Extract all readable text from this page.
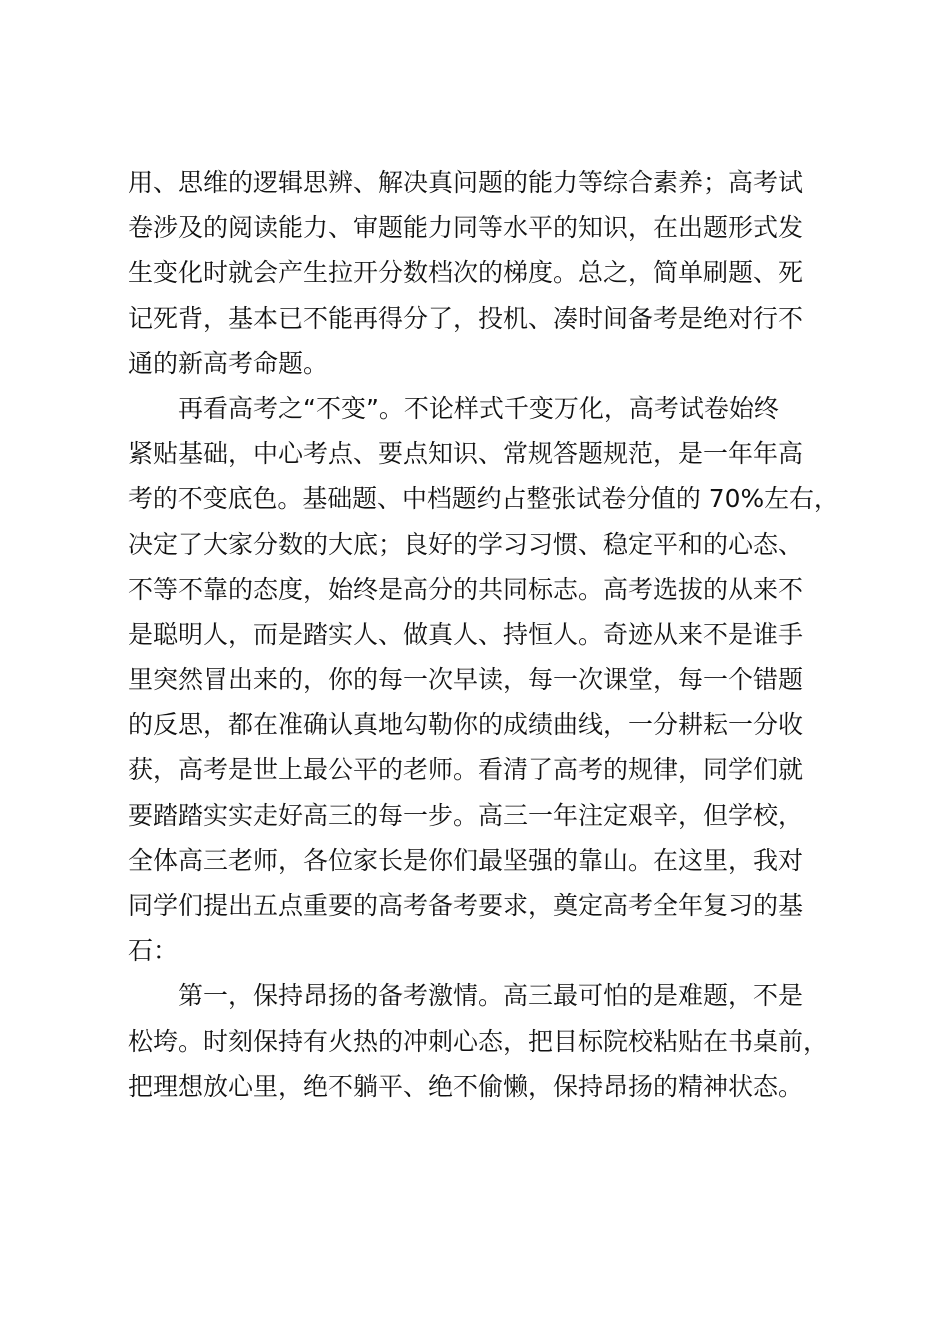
用、思维的逻辑思辨、解决真问题的能力等综合素养；高考试
卷涉及的阅读能力、审题能力同等水平的知识，在出题形式发
生变化时就会产生拉开分数档次的梯度。总之，简单刷题、死
记死背，基本已不能再得分了，投机、凑时间备考是绝对行不
通的新高考命题。
再看高考之“不变”。不论样式千变万化，高考试卷始终
紧贴基础，中心考点、要点知识、常规答题规范，是一年年高
考的不变底色。基础题、中档题约占整张试卷分值的 70%左右，
决定了大家分数的大底；良好的学习习惯、稳定平和的心态、
不等不靠的态度，始终是高分的共同标志。高考选拔的从来不
是聪明人，而是踏实人、做真人、持恒人。奇迹从来不是谁手
里突然冒出来的，你的每一次早读，每一次课堂，每一个错题
的反思，都在准确认真地勾勒你的成绩曲线，一分耕耘一分收
获，高考是世上最公平的老师。看清了高考的规律，同学们就
要踏踏实实走好高三的每一步。高三一年注定艰辛，但学校，
全体高三老师，各位家长是你们最坚强的靠山。在这里，我对
同学们提出五点重要的高考备考要求，奠定高考全年复习的基
石：
第一，保持昂扬的备考激情。高三最可怕的是难题，不是
松垮。时刻保持有火热的冲刺心态，把目标院校粘贴在书桌前，
把理想放心里，绝不躺平、绝不偷懒，保持昂扬的精神状态。
